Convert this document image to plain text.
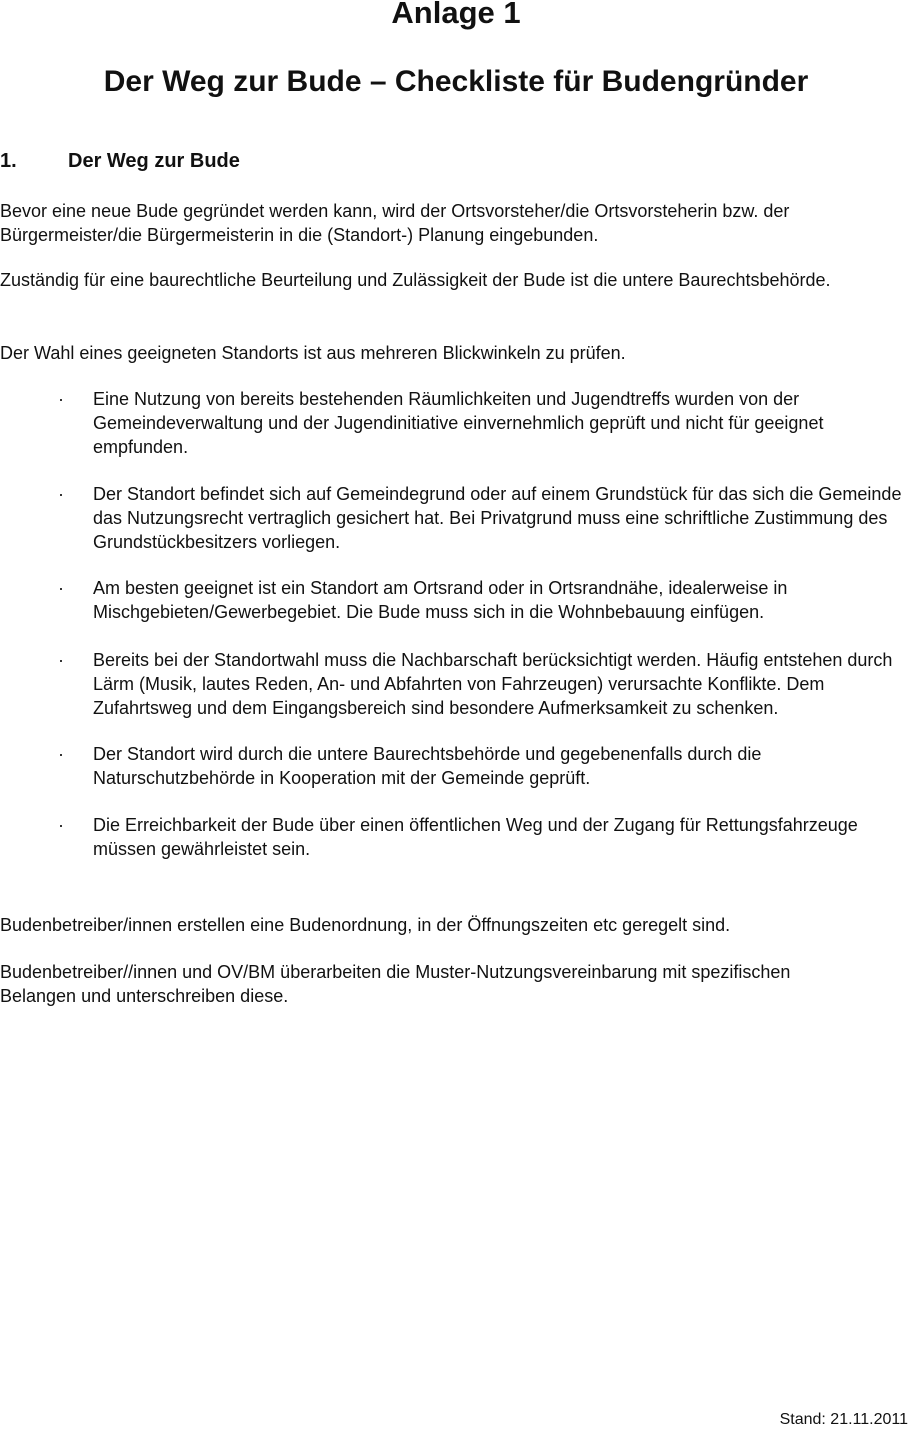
Anlage 1
Der Weg zur Bude – Checkliste für Budengründer
1.	Der Weg zur Bude

Bevor eine neue Bude gegründet werden kann, wird der Ortsvorsteher/die Ortsvorsteherin bzw. der Bürgermeister/die Bürgermeisterin in die (Standort-) Planung eingebunden.

Zuständig für eine baurechtliche Beurteilung und Zulässigkeit der Bude ist die untere Baurechtsbehörde.

Der Wahl eines geeigneten Standorts ist aus mehreren Blickwinkeln zu prüfen.

· Eine Nutzung von bereits bestehenden Räumlichkeiten und Jugendtreffs wurden von der Gemeindeverwaltung und der Jugendinitiative einvernehmlich geprüft und nicht für geeignet empfunden.
· Der Standort befindet sich auf Gemeindegrund oder auf einem Grundstück für das sich die Gemeinde das Nutzungsrecht vertraglich gesichert hat. Bei Privatgrund muss eine schriftliche Zustimmung des Grundstückbesitzers vorliegen.
· Am besten geeignet ist ein Standort am Ortsrand oder in Ortsrandnähe, idealerweise in Mischgebieten/Gewerbegebiet. Die Bude muss sich in die Wohnbebauung einfügen.
· Bereits bei der Standortwahl muss die Nachbarschaft berücksichtigt werden. Häufig entstehen durch Lärm (Musik, lautes Reden, An- und Abfahrten von Fahrzeugen) verursachte Konflikte. Dem Zufahrtsweg und dem Eingangsbereich sind besondere Aufmerksamkeit zu schenken.
· Der Standort wird durch die untere Baurechtsbehörde und gegebenenfalls durch die Naturschutzbehörde in Kooperation mit der Gemeinde geprüft.
· Die Erreichbarkeit der Bude über einen öffentlichen Weg und der Zugang für Rettungsfahrzeuge müssen gewährleistet sein.

Budenbetreiber/innen erstellen eine Budenordnung, in der Öffnungszeiten etc geregelt sind.

Budenbetreiber//innen und OV/BM überarbeiten die Muster-Nutzungsvereinbarung mit spezifischen Belangen und unterschreiben diese.

Stand: 21.11.2011
